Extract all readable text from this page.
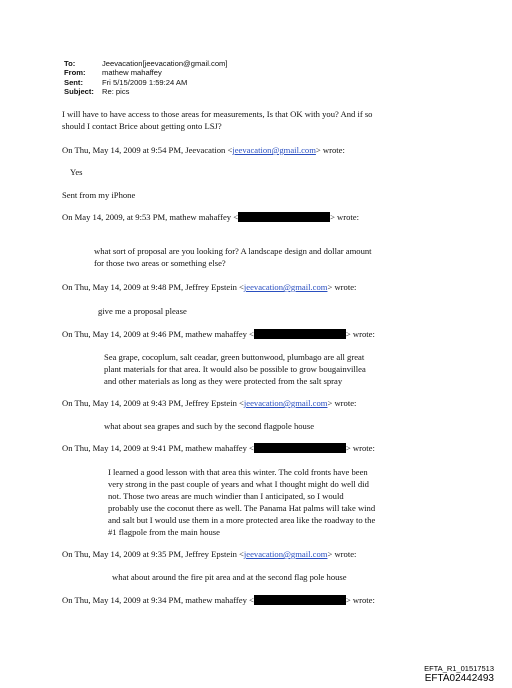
To:	Jeevacation[jeevacation@gmail.com]
From:	mathew mahaffey
Sent:	Fri 5/15/2009 1:59:24 AM
Subject:	Re: pics
I will have to have access to those areas for measurements, Is that OK with you? And if so
should I contact Brice about getting onto LSJ?
On Thu, May 14, 2009 at 9:54 PM, Jeevacation <jeevacation@gmail.com> wrote:
Yes
Sent from my iPhone
On May 14, 2009, at 9:53 PM, mathew mahaffey <	> wrote:
what sort of proposal are you looking for? A landscape design and dollar amount
for those two areas or something else?
On Thu, May 14, 2009 at 9:48 PM, Jeffrey Epstein <jeevacation@gmail.com> wrote:
give me a proposal please
On Thu, May 14, 2009 at 9:46 PM, mathew mahaffey <	> wrote:
Sea grape, cocoplum, salt ceadar, green buttonwood, plumbago are all great
plant materials for that area. It would also be possible to grow bougainvillea
and other materials as long as they were protected from the salt spray
On Thu, May 14, 2009 at 9:43 PM, Jeffrey Epstein <jeevacation@gmail.com> wrote:
what about sea grapes and such by the second flagpole house
On Thu, May 14, 2009 at 9:41 PM, mathew mahaffey <	> wrote:
I learned a good lesson with that area this winter. The cold fronts have been
very strong in the past couple of years and what I thought might do well did
not. Those two areas are much windier than I anticipated, so I would
probably use the coconut there as well. The Panama Hat palms will take wind
and salt but I would use them in a more protected area like the roadway to the
#1 flagpole from the main house
On Thu, May 14, 2009 at 9:35 PM, Jeffrey Epstein <jeevacation@gmail.com> wrote:
what about around the fire pit area and at the second flag pole house
On Thu, May 14, 2009 at 9:34 PM, mathew mahaffey <	> wrote:
EFTA_R1_01517513
EFTA02442493
